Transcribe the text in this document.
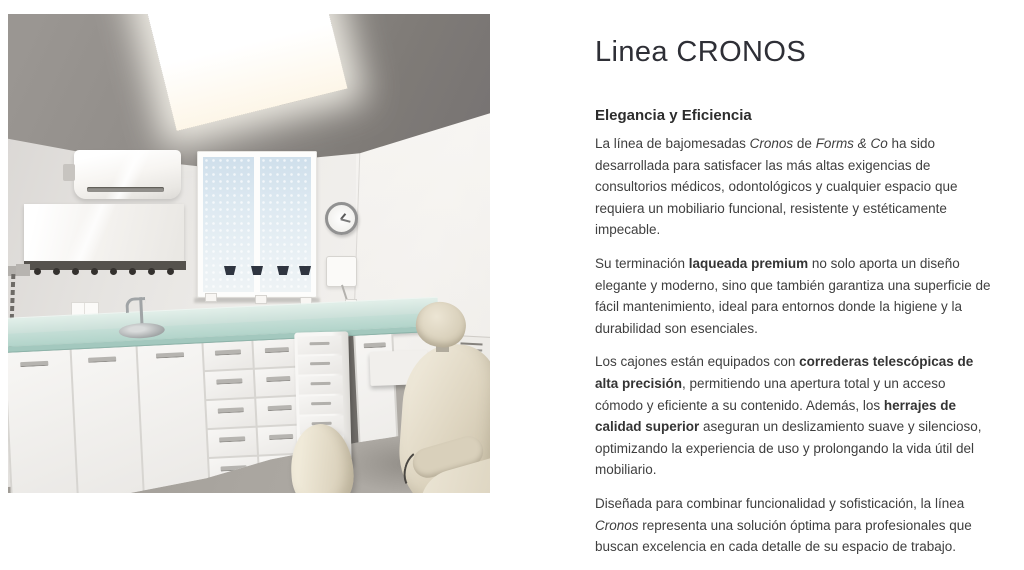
Linea CRONOS
Elegancia y Eficiencia

La línea de bajomesadas Cronos de Forms & Co ha sido desarrollada para satisfacer las más altas exigencias de consultorios médicos, odontológicos y cualquier espacio que requiera un mobiliario funcional, resistente y estéticamente impecable.

Su terminación laqueada premium no solo aporta un diseño elegante y moderno, sino que también garantiza una superficie de fácil mantenimiento, ideal para entornos donde la higiene y la durabilidad son esenciales.

Los cajones están equipados con correderas telescópicas de alta precisión, permitiendo una apertura total y un acceso cómodo y eficiente a su contenido. Además, los herrajes de calidad superior aseguran un deslizamiento suave y silencioso, optimizando la experiencia de uso y prolongando la vida útil del mobiliario.

Diseñada para combinar funcionalidad y sofisticación, la línea Cronos representa una solución óptima para profesionales que buscan excelencia en cada detalle de su espacio de trabajo.
